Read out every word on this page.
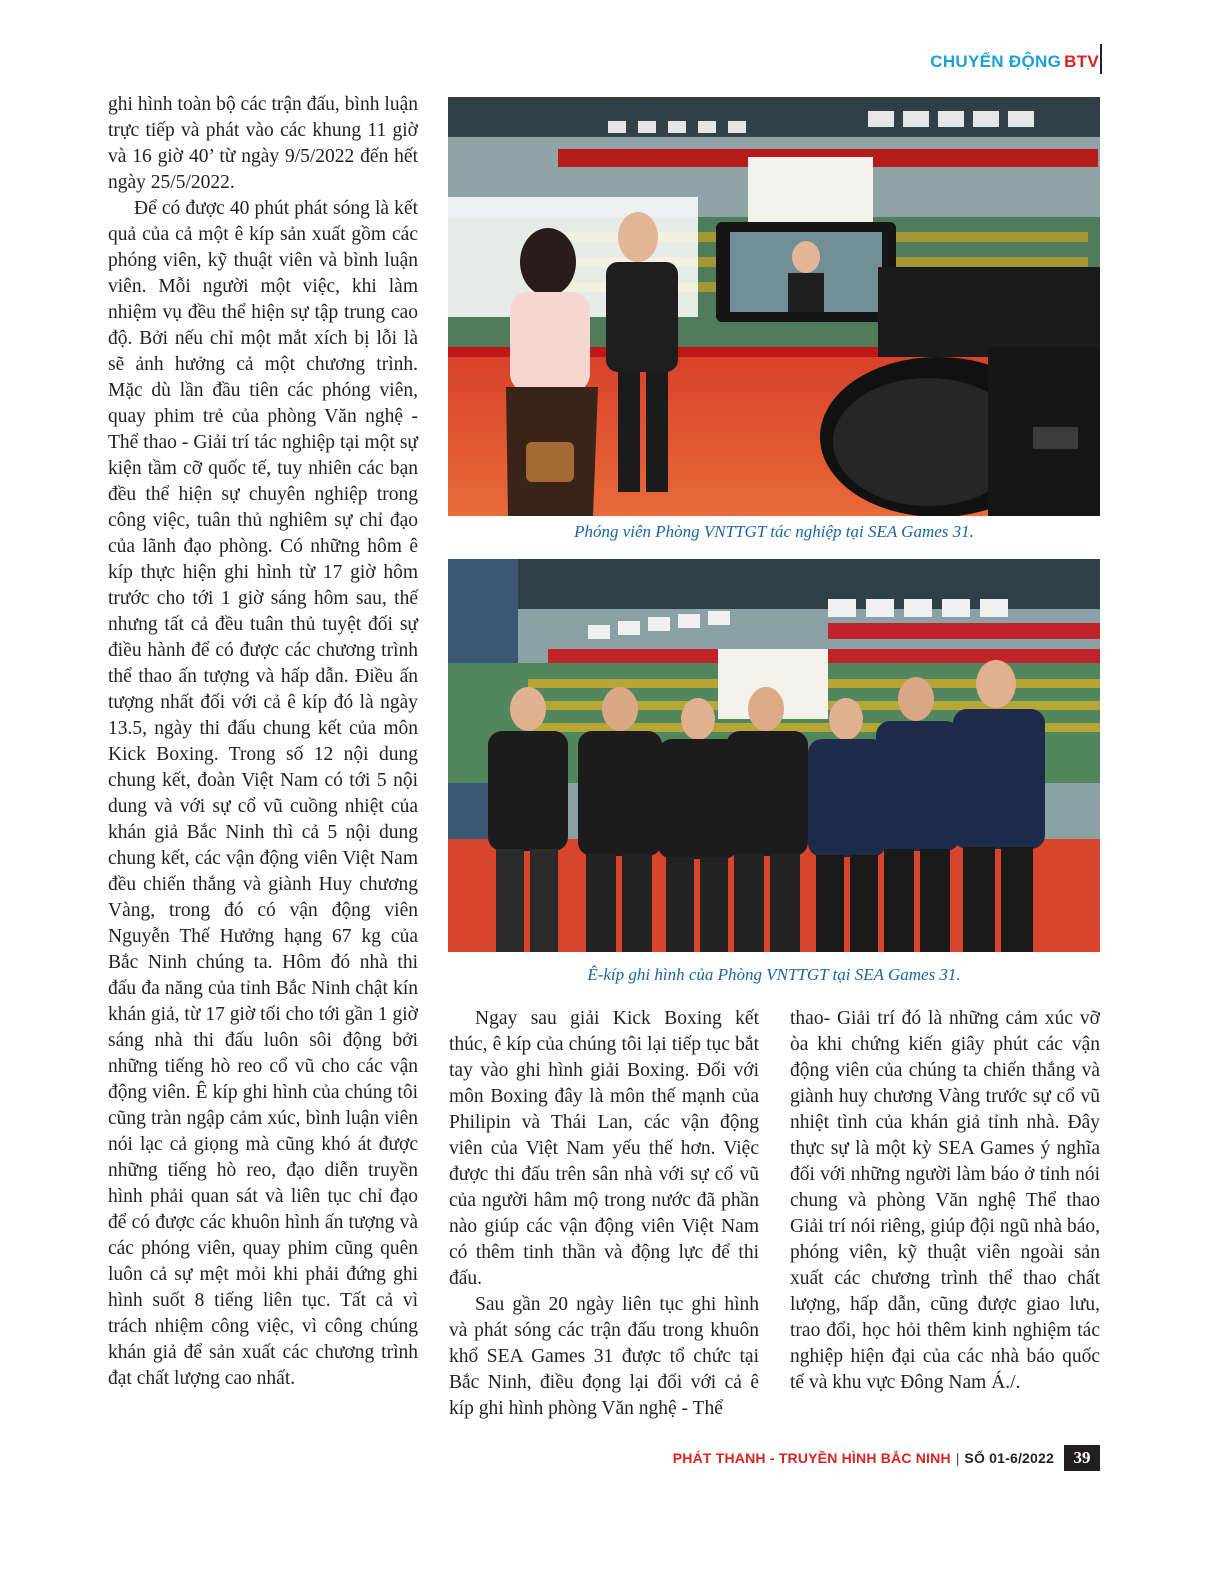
CHUYỂN ĐỘNG BTV

ghi hình toàn bộ các trận đấu, bình luận trực tiếp và phát vào các khung 11 giờ và 16 giờ 40’ từ ngày 9/5/2022 đến hết ngày 25/5/2022.

Để có được 40 phút phát sóng là kết quả của cả một ê kíp sản xuất gồm các phóng viên, kỹ thuật viên và bình luận viên. Mỗi người một việc, khi làm nhiệm vụ đều thể hiện sự tập trung cao độ. Bởi nếu chỉ một mắt xích bị lỗi là sẽ ảnh hưởng cả một chương trình. Mặc dù lần đầu tiên các phóng viên, quay phim trẻ của phòng Văn nghệ - Thể thao - Giải trí tác nghiệp tại một sự kiện tầm cỡ quốc tế, tuy nhiên các bạn đều thể hiện sự chuyên nghiệp trong công việc, tuân thủ nghiêm sự chỉ đạo của lãnh đạo phòng. Có những hôm ê kíp thực hiện ghi hình từ 17 giờ hôm trước cho tới 1 giờ sáng hôm sau, thế nhưng tất cả đều tuân thủ tuyệt đối sự điều hành để có được các chương trình thể thao ấn tượng và hấp dẫn. Điều ấn tượng nhất đối với cả ê kíp đó là ngày 13.5, ngày thi đấu chung kết của môn Kick Boxing. Trong số 12 nội dung chung kết, đoàn Việt Nam có tới 5 nội dung và với sự cổ vũ cuồng nhiệt của khán giả Bắc Ninh thì cả 5 nội dung chung kết, các vận động viên Việt Nam đều chiến thắng và giành Huy chương Vàng, trong đó có vận động viên Nguyễn Thế Hưởng hạng 67 kg của Bắc Ninh chúng ta. Hôm đó nhà thi đấu đa năng của tỉnh Bắc Ninh chật kín khán giả, từ 17 giờ tối cho tới gần 1 giờ sáng nhà thi đấu luôn sôi động bởi những tiếng hò reo cổ vũ cho các vận động viên. Ê kíp ghi hình của chúng tôi cũng tràn ngập cảm xúc, bình luận viên nói lạc cả giọng mà cũng khó át được những tiếng hò reo, đạo diễn truyền hình phải quan sát và liên tục chỉ đạo để có được các khuôn hình ấn tượng và các phóng viên, quay phim cũng quên luôn cả sự mệt mỏi khi phải đứng ghi hình suốt 8 tiếng liên tục. Tất cả vì trách nhiệm công việc, vì công chúng khán giả để sản xuất các chương trình đạt chất lượng cao nhất.

Phóng viên Phòng VNTTGT tác nghiệp tại SEA Games 31.
Ê-kíp ghi hình của Phòng VNTTGT tại SEA Games 31.

Ngay sau giải Kick Boxing kết thúc, ê kíp của chúng tôi lại tiếp tục bắt tay vào ghi hình giải Boxing. Đối với môn Boxing đây là môn thế mạnh của Philipin và Thái Lan, các vận động viên của Việt Nam yếu thế hơn. Việc được thi đấu trên sân nhà với sự cổ vũ của người hâm mộ trong nước đã phần nào giúp các vận động viên Việt Nam có thêm tinh thần và động lực để thi đấu.

Sau gần 20 ngày liên tục ghi hình và phát sóng các trận đấu trong khuôn khổ SEA Games 31 được tổ chức tại Bắc Ninh, điều đọng lại đối với cả ê kíp ghi hình phòng Văn nghệ - Thể

thao- Giải trí đó là những cảm xúc vỡ òa khi chứng kiến giây phút các vận động viên của chúng ta chiến thắng và giành huy chương Vàng trước sự cổ vũ nhiệt tình của khán giả tỉnh nhà. Đây thực sự là một kỳ SEA Games ý nghĩa đối với những người làm báo ở tỉnh nói chung và phòng Văn nghệ Thể thao Giải trí nói riêng, giúp đội ngũ nhà báo, phóng viên, kỹ thuật viên ngoài sản xuất các chương trình thể thao chất lượng, hấp dẫn, cũng được giao lưu, trao đổi, học hỏi thêm kinh nghiệm tác nghiệp hiện đại của các nhà báo quốc tế và khu vực Đông Nam Á./.

PHÁT THANH - TRUYỀN HÌNH BẮC NINH | SỐ 01-6/2022	39
